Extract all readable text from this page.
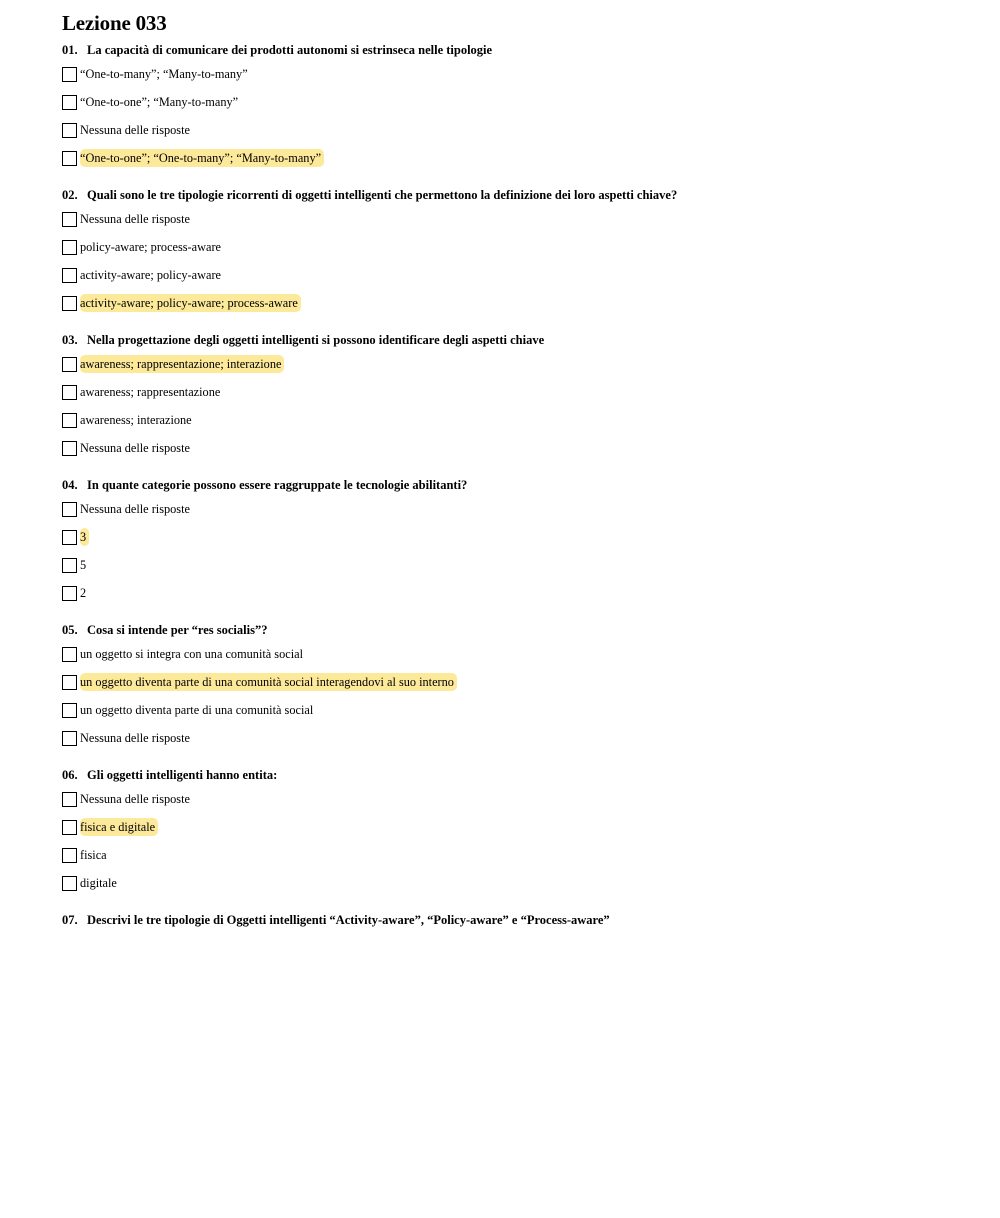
Lezione 033
01. La capacità di comunicare dei prodotti autonomi si estrinseca nelle tipologie
“One-to-many”; “Many-to-many”
“One-to-one”; “Many-to-many”
Nessuna delle risposte
“One-to-one”; “One-to-many”; “Many-to-many”
02. Quali sono le tre tipologie ricorrenti di oggetti intelligenti che permettono la definizione dei loro aspetti chiave?
Nessuna delle risposte
policy-aware; process-aware
activity-aware; policy-aware
activity-aware; policy-aware; process-aware
03. Nella progettazione degli oggetti intelligenti si possono identificare degli aspetti chiave
awareness; rappresentazione; interazione
awareness; rappresentazione
awareness; interazione
Nessuna delle risposte
04. In quante categorie possono essere raggruppate le tecnologie abilitanti?
Nessuna delle risposte
3
5
2
05. Cosa si intende per “res socialis”?
un oggetto si integra con una comunità social
un oggetto diventa parte di una comunità social interagendovi al suo interno
un oggetto diventa parte di una comunità social
Nessuna delle risposte
06. Gli oggetti intelligenti hanno entita:
Nessuna delle risposte
fisica e digitale
fisica
digitale
07. Descrivi le tre tipologie di Oggetti intelligenti “Activity-aware”, “Policy-aware” e “Process-aware”
